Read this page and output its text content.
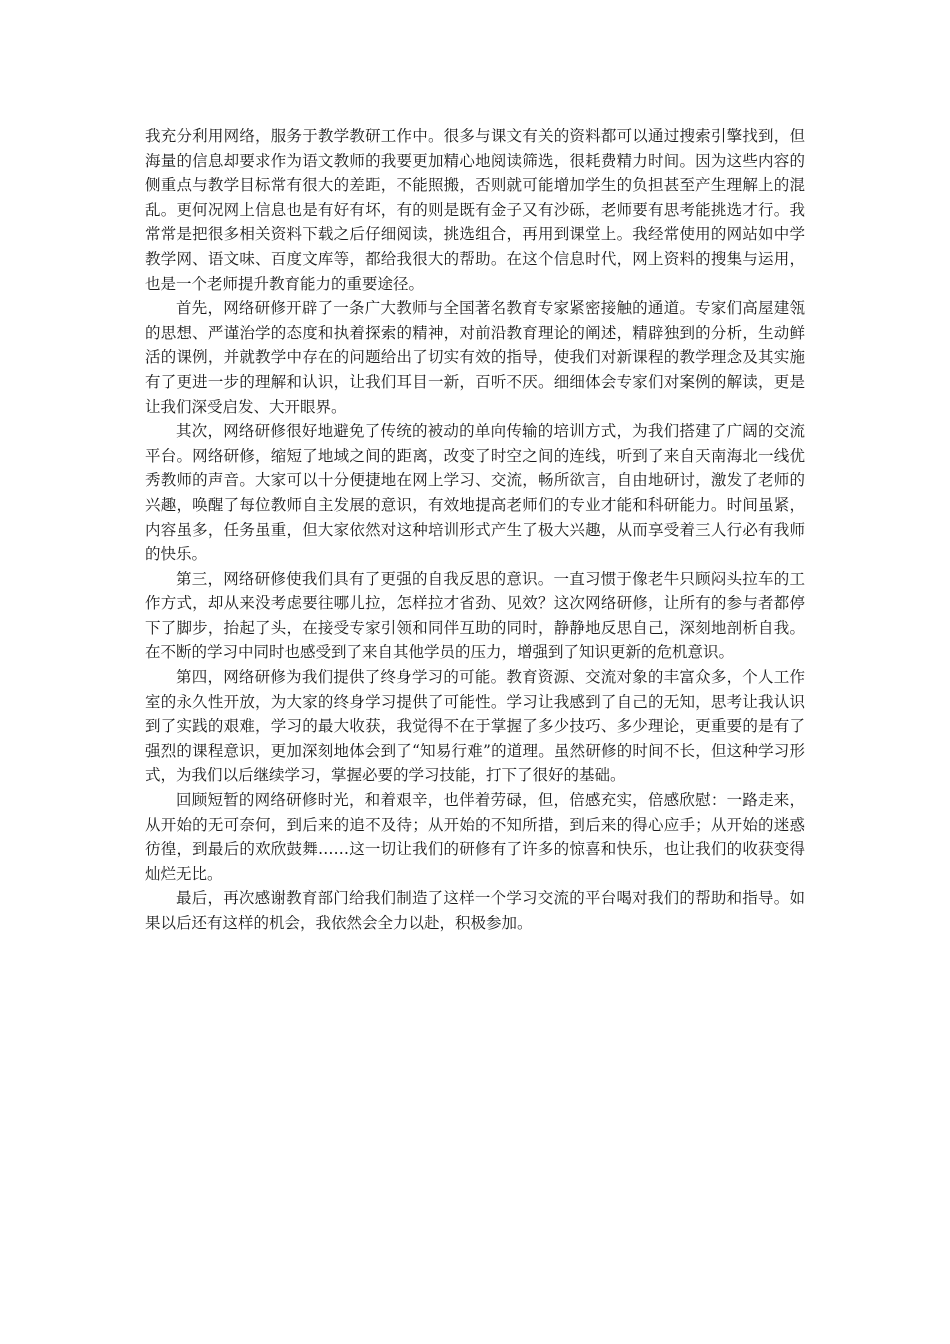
我充分利用网络，服务于教学教研工作中。很多与课文有关的资料都可以通过搜索引擎找到，但海量的信息却要求作为语文教师的我要更加精心地阅读筛选，很耗费精力时间。因为这些内容的侧重点与教学目标常有很大的差距，不能照搬，否则就可能增加学生的负担甚至产生理解上的混乱。更何况网上信息也是有好有坏，有的则是既有金子又有沙砾，老师要有思考能挑选才行。我常常是把很多相关资料下载之后仔细阅读，挑选组合，再用到课堂上。我经常使用的网站如中学教学网、语文味、百度文库等，都给我很大的帮助。在这个信息时代，网上资料的搜集与运用，也是一个老师提升教育能力的重要途径。

首先，网络研修开辟了一条广大教师与全国著名教育专家紧密接触的通道。专家们高屋建瓴的思想、严谨治学的态度和执着探索的精神，对前沿教育理论的阐述，精辟独到的分析，生动鲜活的课例，并就教学中存在的问题给出了切实有效的指导，使我们对新课程的教学理念及其实施有了更进一步的理解和认识，让我们耳目一新，百听不厌。细细体会专家们对案例的解读，更是让我们深受启发、大开眼界。

其次，网络研修很好地避免了传统的被动的单向传输的培训方式，为我们搭建了广阔的交流平台。网络研修，缩短了地域之间的距离，改变了时空之间的连线，听到了来自天南海北一线优秀教师的声音。大家可以十分便捷地在网上学习、交流，畅所欲言，自由地研讨，激发了老师的兴趣，唤醒了每位教师自主发展的意识，有效地提高老师们的专业才能和科研能力。时间虽紧，内容虽多，任务虽重，但大家依然对这种培训形式产生了极大兴趣，从而享受着三人行必有我师的快乐。

第三，网络研修使我们具有了更强的自我反思的意识。一直习惯于像老牛只顾闷头拉车的工作方式，却从来没考虑要往哪儿拉，怎样拉才省劲、见效？这次网络研修，让所有的参与者都停下了脚步，抬起了头，在接受专家引领和同伴互助的同时，静静地反思自己，深刻地剖析自我。在不断的学习中同时也感受到了来自其他学员的压力，增强到了知识更新的危机意识。

第四，网络研修为我们提供了终身学习的可能。教育资源、交流对象的丰富众多，个人工作室的永久性开放，为大家的终身学习提供了可能性。学习让我感到了自己的无知，思考让我认识到了实践的艰难，学习的最大收获，我觉得不在于掌握了多少技巧、多少理论，更重要的是有了强烈的课程意识，更加深刻地体会到了“知易行难”的道理。虽然研修的时间不长，但这种学习形式，为我们以后继续学习，掌握必要的学习技能，打下了很好的基础。

回顾短暂的网络研修时光，和着艰辛，也伴着劳碌，但，倍感充实，倍感欣慰：一路走来，从开始的无可奈何，到后来的追不及待；从开始的不知所措，到后来的得心应手；从开始的迷惑彷徨，到最后的欢欣鼓舞……这一切让我们的研修有了许多的惊喜和快乐，也让我们的收获变得灿烂无比。

最后，再次感谢教育部门给我们制造了这样一个学习交流的平台喝对我们的帮助和指导。如果以后还有这样的机会，我依然会全力以赴，积极参加。
